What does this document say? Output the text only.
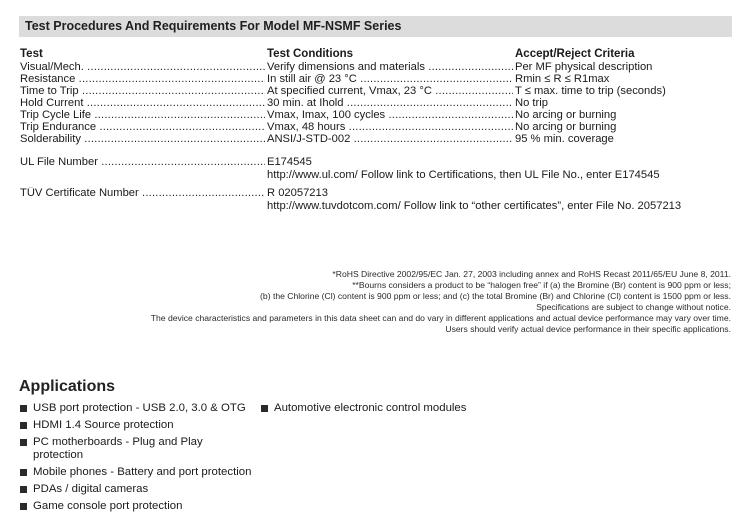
Test Procedures And Requirements For Model MF-NSMF Series
Test	Test Conditions	Accept/Reject Criteria
Visual/Mech. .....	Verify dimensions and materials .....	Per MF physical description
Resistance .....	In still air @ 23 °C .....	Rmin ≤ R ≤ R1max
Time to Trip .....	At specified current, Vmax, 23 °C .....	T ≤ max. time to trip (seconds)
Hold Current .....	30 min. at Ihold .....	No trip
Trip Cycle Life .....	Vmax, Imax, 100 cycles .....	No arcing or burning
Trip Endurance .....	Vmax, 48 hours .....	No arcing or burning
Solderability .....	ANSI/J-STD-002 .....	95 % min. coverage
UL File Number .....	E174545
http://www.ul.com/ Follow link to Certifications, then UL File No., enter E174545
TÜV Certificate Number .....	R 02057213
http://www.tuvdotcom.com/ Follow link to “other certificates”, enter File No. 2057213
*RoHS Directive 2002/95/EC Jan. 27, 2003 including annex and RoHS Recast 2011/65/EU June 8, 2011.
**Bourns considers a product to be “halogen free” if (a) the Bromine (Br) content is 900 ppm or less;
(b) the Chlorine (Cl) content is 900 ppm or less; and (c) the total Bromine (Br) and Chlorine (Cl) content is 1500 ppm or less.
Specifications are subject to change without notice.
The device characteristics and parameters in this data sheet can and do vary in different applications and actual device performance may vary over time.
Users should verify actual device performance in their specific applications.
Applications
USB port protection - USB 2.0, 3.0 & OTG
HDMI 1.4 Source protection
PC motherboards - Plug and Play protection
Mobile phones - Battery and port protection
PDAs / digital cameras
Game console port protection
Automotive electronic control modules
